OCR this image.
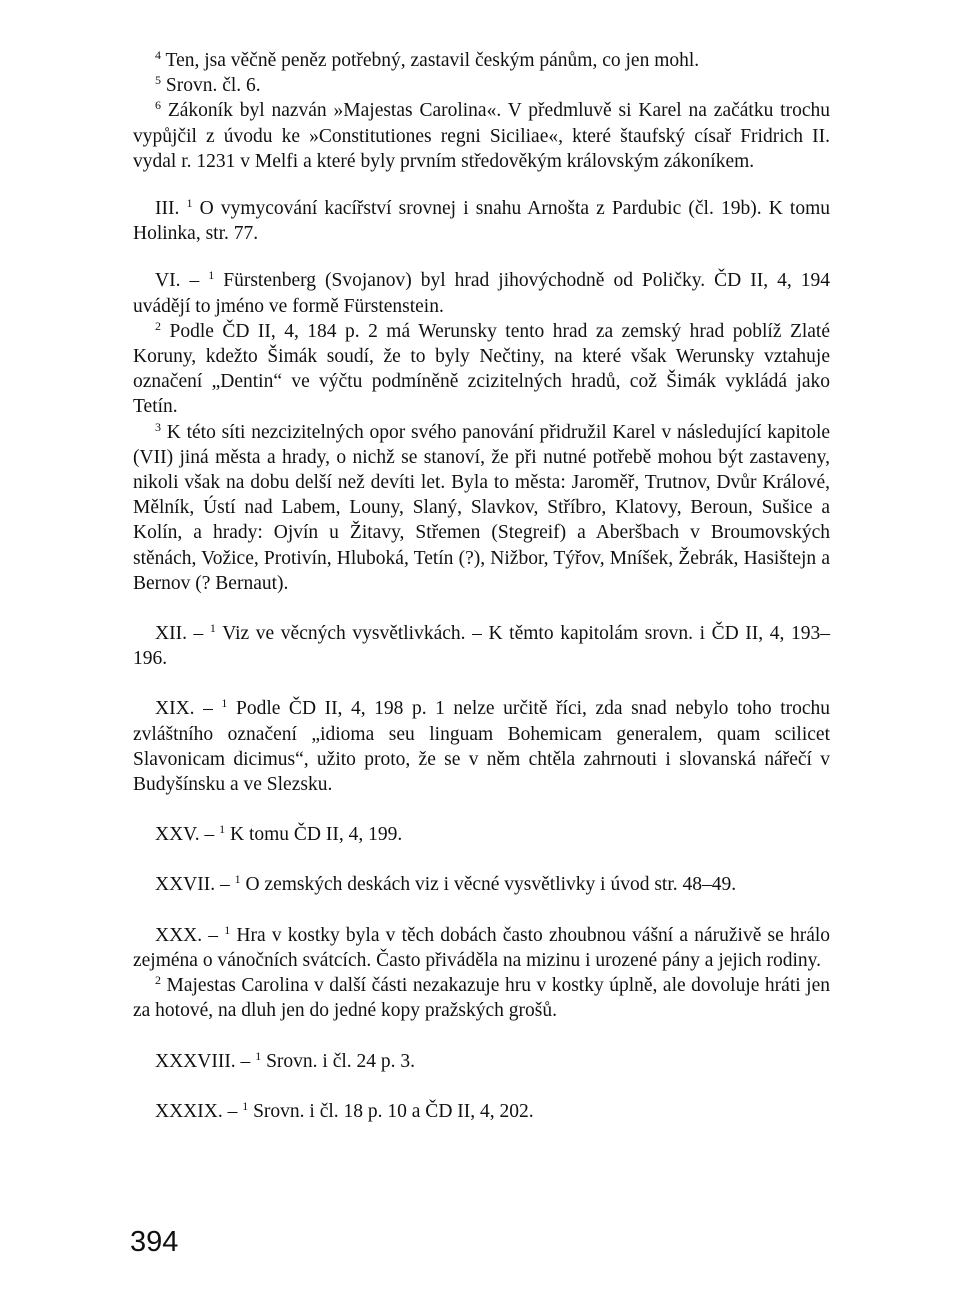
$^4$ Ten, jsa věčně peněz potřebný, zastavil českým pánům, co jen mohl.

$^5$ Srovn. čl. 6.

$^6$ Zákoník byl nazván »Majestas Carolina«. V předmluvě si Karel na začátku trochu vypůjčil z úvodu ke »Constitutiones regni Siciliae«, které štaufský císař Fridrich II. vydal r. 1231 v Melfi a které byly prvním středověkým královským zákoníkem.

III. $^1$ O vymycování kacířství srovnej i snahu Arnošta z Pardubic (čl. 19b). K tomu Holinka, str. 77.

VI. – $^1$ Fürstenberg (Svojanov) byl hrad jihovýchodně od Poličky. ČD II, 4, 194 uvádějí to jméno ve formě Fürstenstein.

$^2$ Podle ČD II, 4, 184 p. 2 má Werunsky tento hrad za zemský hrad poblíž Zlaté Koruny, kdežto Šimák soudí, že to byly Nečtiny, na které však Werunsky vztahuje označení „Dentin“ ve výčtu podmíněně zcizitelných hradů, což Šimák vykládá jako Tetín.

$^3$ K této síti nezcizitelných opor svého panování přidružil Karel v následující kapitole (VII) jiná města a hrady, o nichž se stanoví, že při nutné potřebě mohou být zastaveny, nikoli však na dobu delší než devíti let. Byla to města: Jaroměř, Trutnov, Dvůr Králové, Mělník, Ústí nad Labem, Louny, Slaný, Slavkov, Stříbro, Klatovy, Beroun, Sušice a Kolín, a hrady: Ojvín u Žitavy, Střemen (Stegreif) a Aberšbach v Broumovských stěnách, Vožice, Protivín, Hluboká, Tetín (?), Nižbor, Týřov, Mníšek, Žebrák, Hasištejn a Bernov (? Bernaut).

XII. – $^1$ Viz ve věcných vysvětlivkách. – K těmto kapitolám srovn. i ČD II, 4, 193–196.

XIX. – $^1$ Podle ČD II, 4, 198 p. 1 nelze určitě říci, zda snad nebylo toho trochu zvláštního označení „idioma seu linguam Bohemicam generalem, quam scilicet Slavonicam dicimus“, užito proto, že se v něm chtěla zahrnouti i slovanská nářečí v Budyšínsku a ve Slezsku.

XXV. – $^1$ K tomu ČD II, 4, 199.

XXVII. – $^1$ O zemských deskách viz i věcné vysvětlivky i úvod str. 48–49.

XXX. – $^1$ Hra v kostky byla v těch dobách často zhoubnou vášní a náruživě se hrálo zejména o vánočních svátcích. Často přiváděla na mizinu i urozené pány a jejich rodiny.

$^2$ Majestas Carolina v další části nezakazuje hru v kostky úplně, ale dovoluje hráti jen za hotové, na dluh jen do jedné kopy pražských grošů.

XXXVIII. – $^1$ Srovn. i čl. 24 p. 3.

XXXIX. – $^1$ Srovn. i čl. 18 p. 10 a ČD II, 4, 202.

394
